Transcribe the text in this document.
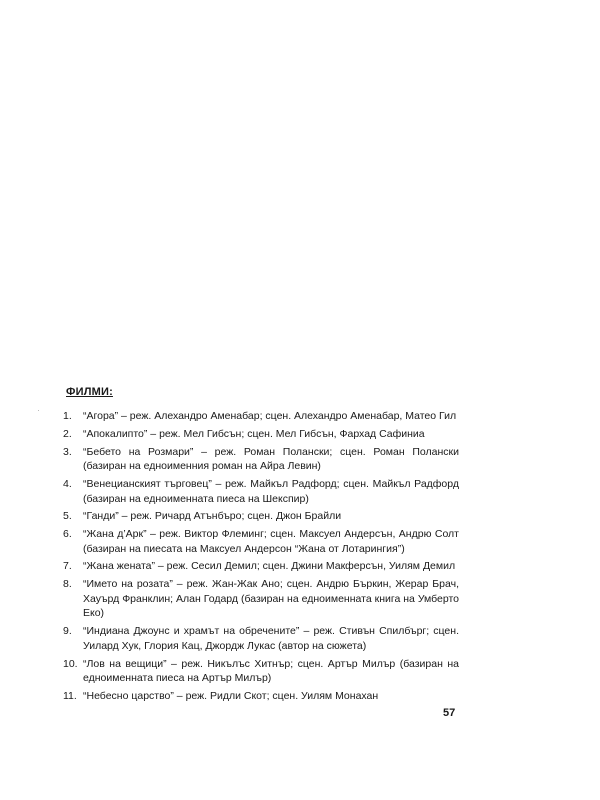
ФИЛМИ:
1.	“Агора” – реж. Алехандро Аменабар; сцен. Алехандро Аменабар, Матео Гил
2.	“Апокалипто” – реж. Мел Гибсън; сцен. Мел Гибсън, Фархад Сафиниа
3.	“Бебето на Розмари” – реж. Роман Полански; сцен. Роман Полански (базиран на едноименния роман на Айра Левин)
4.	“Венецианският търговец” – реж. Майкъл Радфорд; сцен. Майкъл Радфорд (базиран на едноименната пиеса на Шекспир)
5.	“Ганди” – реж. Ричард Атънбъро; сцен. Джон Брайли
6.	“Жана д’Арк” – реж. Виктор Флеминг; сцен. Максуел Андерсън, Андрю Солт (базиран на пиесата на Максуел Андерсон “Жана от Лотарингия”)
7.	“Жана жената” – реж. Сесил Демил; сцен. Джини Макферсън, Уилям Демил
8.	“Името на розата” – реж. Жан-Жак Ано; сцен. Андрю Бъркин, Жерар Брач, Хауърд Франклин; Алан Годард (базиран на едноименната книга на Умберто Еко)
9.	“Индиана Джоунс и храмът на обречените” – реж. Стивън Спилбърг; сцен. Уилард Хук, Глория Кац, Джордж Лукас (автор на сюжета)
10. “Лов на вещици” – реж. Никълъс Хитнър; сцен. Артър Милър (базиран на едноименната пиеса на Артър Милър)
11. “Небесно царство” – реж. Ридли Скот; сцен. Уилям Монахан
57
